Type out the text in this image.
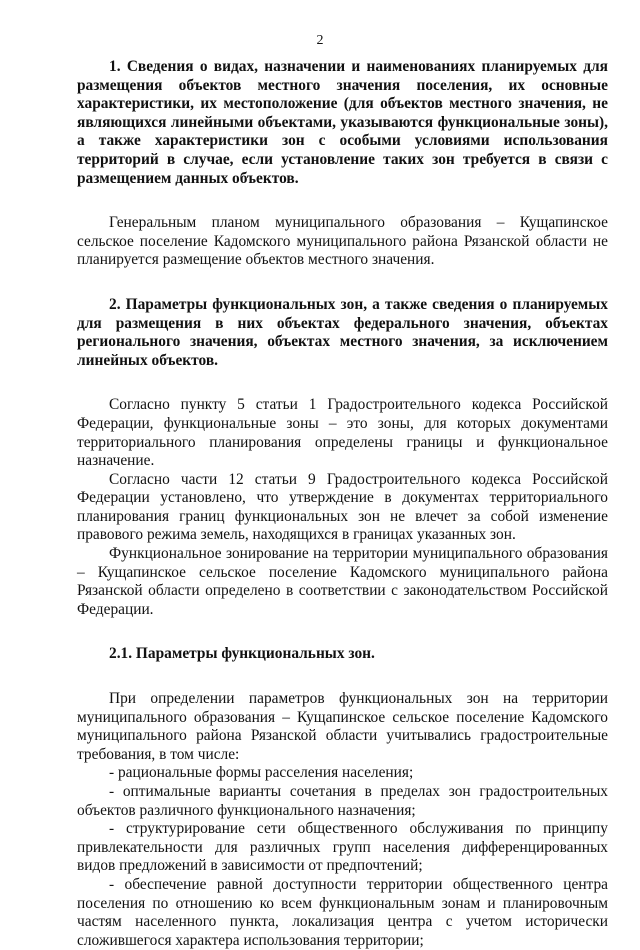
2

1. Сведения о видах, назначении и наименованиях планируемых для размещения объектов местного значения поселения, их основные характеристики, их местоположение (для объектов местного значения, не являющихся линейными объектами, указываются функциональные зоны), а также характеристики зон с особыми условиями использования территорий в случае, если установление таких зон требуется в связи с размещением данных объектов.

Генеральным планом муниципального образования – Кущапинское сельское поселение Кадомского муниципального района Рязанской области не планируется размещение объектов местного значения.

2. Параметры функциональных зон, а также сведения о планируемых для размещения в них объектах федерального значения, объектах регионального значения, объектах местного значения, за исключением линейных объектов.

Согласно пункту 5 статьи 1 Градостроительного кодекса Российской Федерации, функциональные зоны – это зоны, для которых документами территориального планирования определены границы и функциональное назначение.

Согласно части 12 статьи 9 Градостроительного кодекса Российской Федерации установлено, что утверждение в документах территориального планирования границ функциональных зон не влечет за собой изменение правового режима земель, находящихся в границах указанных зон.

Функциональное зонирование на территории муниципального образования – Кущапинское сельское поселение Кадомского муниципального района Рязанской области определено в соответствии с законодательством Российской Федерации.

2.1. Параметры функциональных зон.

При определении параметров функциональных зон на территории муниципального образования – Кущапинское сельское поселение Кадомского муниципального района Рязанской области учитывались градостроительные требования, в том числе:

- рациональные формы расселения населения;

- оптимальные варианты сочетания в пределах зон градостроительных объектов различного функционального назначения;

- структурирование сети общественного обслуживания по принципу привлекательности для различных групп населения дифференцированных видов предложений в зависимости от предпочтений;

- обеспечение равной доступности территории общественного центра поселения по отношению ко всем функциональным зонам и планировочным частям населенного пункта, локализация центра с учетом исторически сложившегося характера использования территории;
